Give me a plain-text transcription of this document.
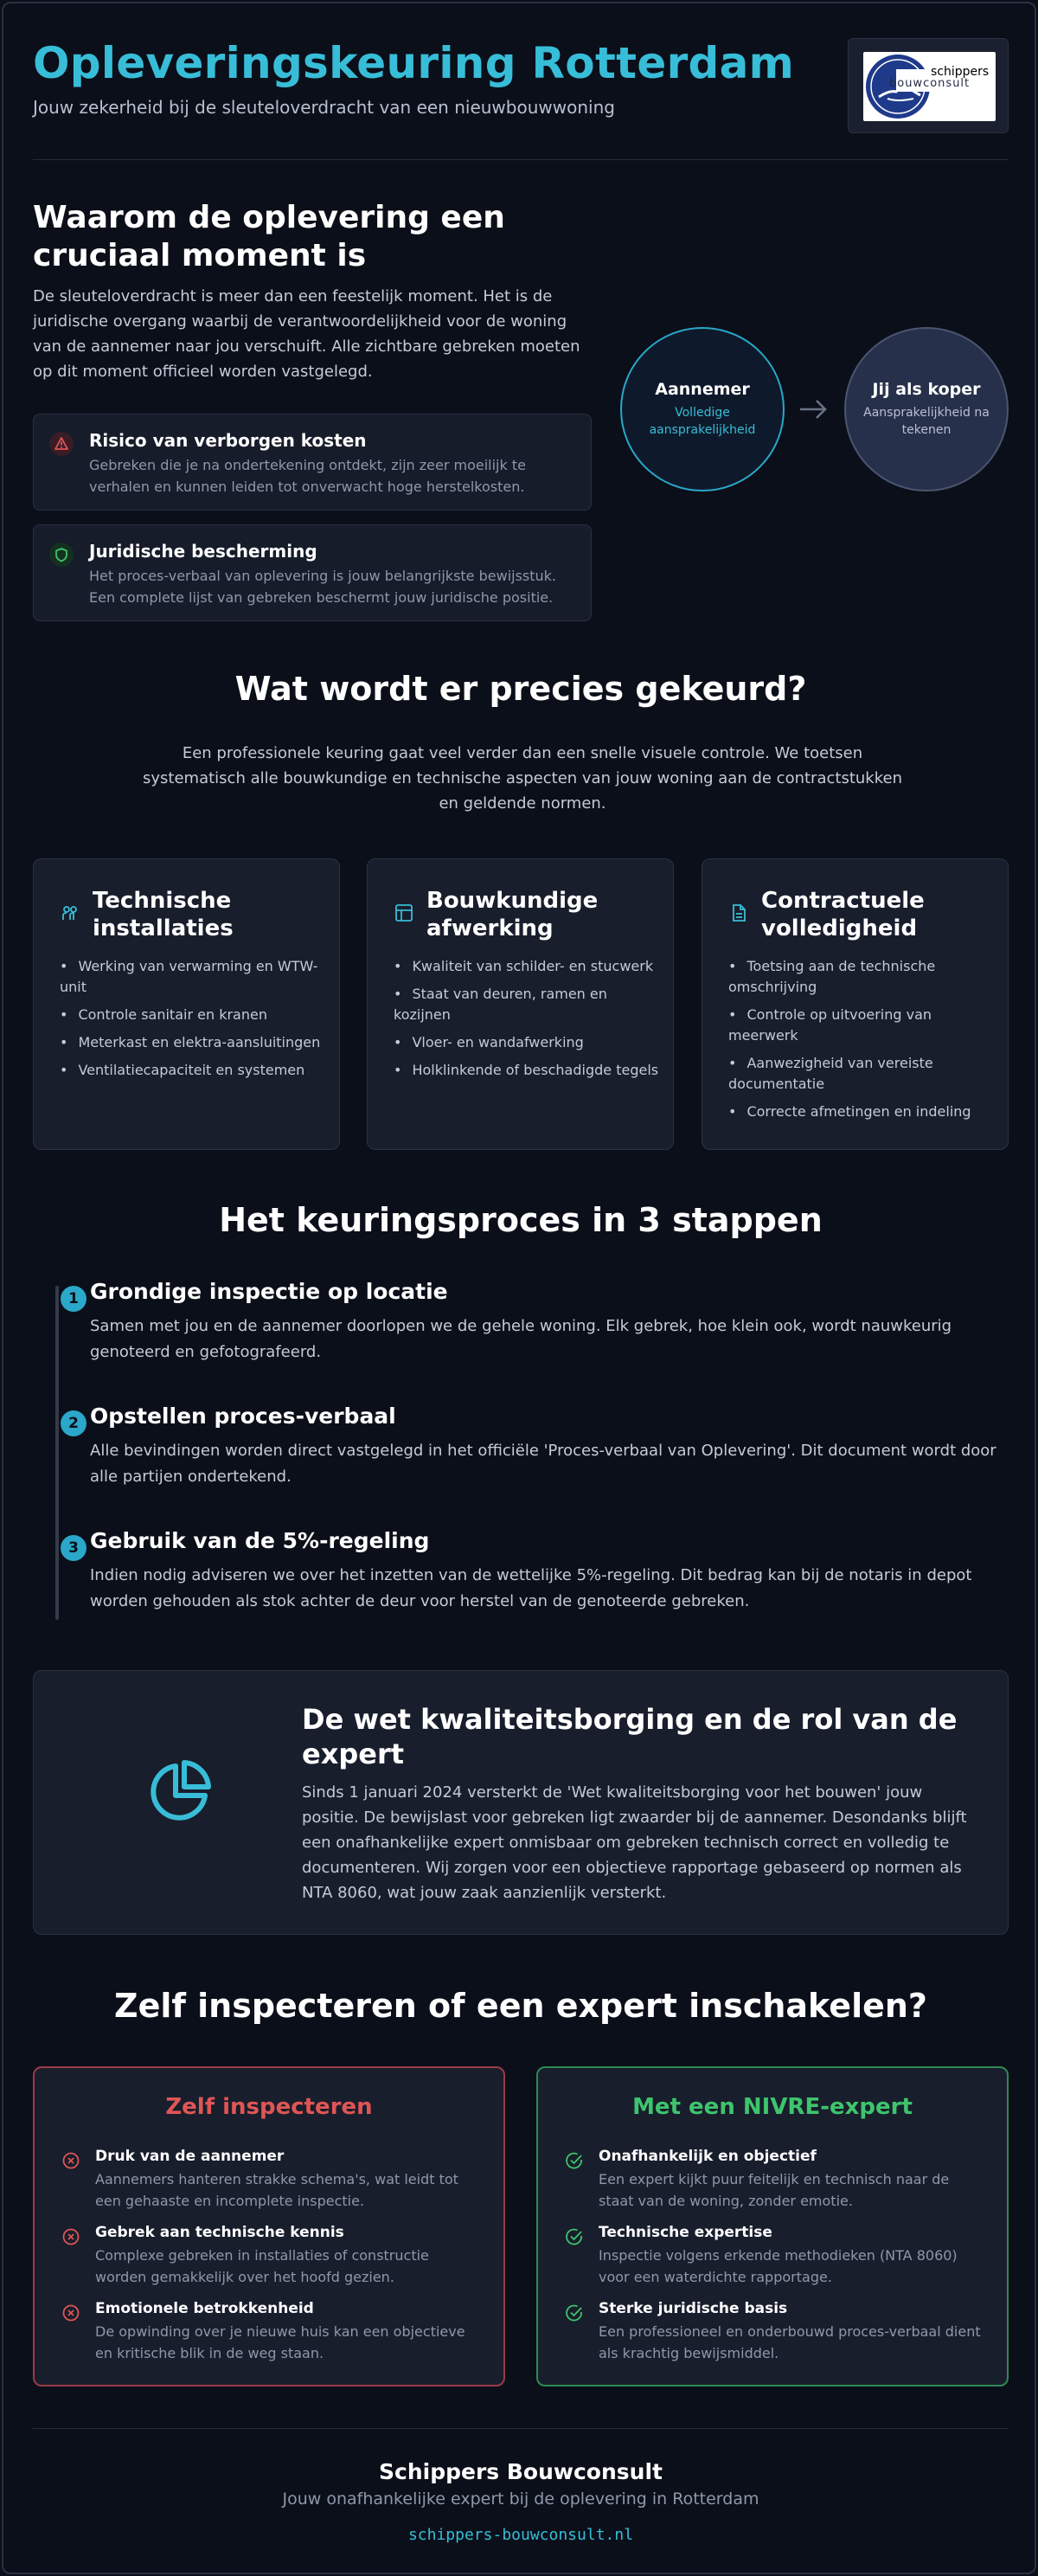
Opleveringskeuring Rotterdam
Jouw zekerheid bij de sleuteloverdracht van een nieuwbouwwoning
schippers
bouwconsult
Waarom de oplevering een cruciaal moment is
De sleuteloverdracht is meer dan een feestelijk moment. Het is de juridische overgang waarbij de verantwoordelijkheid voor de woning van de aannemer naar jou verschuift. Alle zichtbare gebreken moeten op dit moment officieel worden vastgelegd.
Risico van verborgen kosten
Gebreken die je na ondertekening ontdekt, zijn zeer moeilijk te verhalen en kunnen leiden tot onverwacht hoge herstelkosten.
Juridische bescherming
Het proces-verbaal van oplevering is jouw belangrijkste bewijsstuk. Een complete lijst van gebreken beschermt jouw juridische positie.
Aannemer
Volledige aansprakelijkheid
Jij als koper
Aansprakelijkheid na tekenen
Wat wordt er precies gekeurd?
Een professionele keuring gaat veel verder dan een snelle visuele controle. We toetsen systematisch alle bouwkundige en technische aspecten van jouw woning aan de contractstukken en geldende normen.
Technische installaties
• Werking van verwarming en WTW-unit
• Controle sanitair en kranen
• Meterkast en elektra-aansluitingen
• Ventilatiecapaciteit en systemen
Bouwkundige afwerking
• Kwaliteit van schilder- en stucwerk
• Staat van deuren, ramen en kozijnen
• Vloer- en wandafwerking
• Holklinkende of beschadigde tegels
Contractuele volledigheid
• Toetsing aan de technische omschrijving
• Controle op uitvoering van meerwerk
• Aanwezigheid van vereiste documentatie
• Correcte afmetingen en indeling
Het keuringsproces in 3 stappen
1 Grondige inspectie op locatie
Samen met jou en de aannemer doorlopen we de gehele woning. Elk gebrek, hoe klein ook, wordt nauwkeurig genoteerd en gefotografeerd.
2 Opstellen proces-verbaal
Alle bevindingen worden direct vastgelegd in het officiële 'Proces-verbaal van Oplevering'. Dit document wordt door alle partijen ondertekend.
3 Gebruik van de 5%-regeling
Indien nodig adviseren we over het inzetten van de wettelijke 5%-regeling. Dit bedrag kan bij de notaris in depot worden gehouden als stok achter de deur voor herstel van de genoteerde gebreken.
De wet kwaliteitsborging en de rol van de expert
Sinds 1 januari 2024 versterkt de 'Wet kwaliteitsborging voor het bouwen' jouw positie. De bewijslast voor gebreken ligt zwaarder bij de aannemer. Desondanks blijft een onafhankelijke expert onmisbaar om gebreken technisch correct en volledig te documenteren. Wij zorgen voor een objectieve rapportage gebaseerd op normen als NTA 8060, wat jouw zaak aanzienlijk versterkt.
Zelf inspecteren of een expert inschakelen?
Zelf inspecteren
Druk van de aannemer
Aannemers hanteren strakke schema's, wat leidt tot een gehaaste en incomplete inspectie.
Gebrek aan technische kennis
Complexe gebreken in installaties of constructie worden gemakkelijk over het hoofd gezien.
Emotionele betrokkenheid
De opwinding over je nieuwe huis kan een objectieve en kritische blik in de weg staan.
Met een NIVRE-expert
Onafhankelijk en objectief
Een expert kijkt puur feitelijk en technisch naar de staat van de woning, zonder emotie.
Technische expertise
Inspectie volgens erkende methodieken (NTA 8060) voor een waterdichte rapportage.
Sterke juridische basis
Een professioneel en onderbouwd proces-verbaal dient als krachtig bewijsmiddel.
Schippers Bouwconsult
Jouw onafhankelijke expert bij de oplevering in Rotterdam
schippers-bouwconsult.nl
